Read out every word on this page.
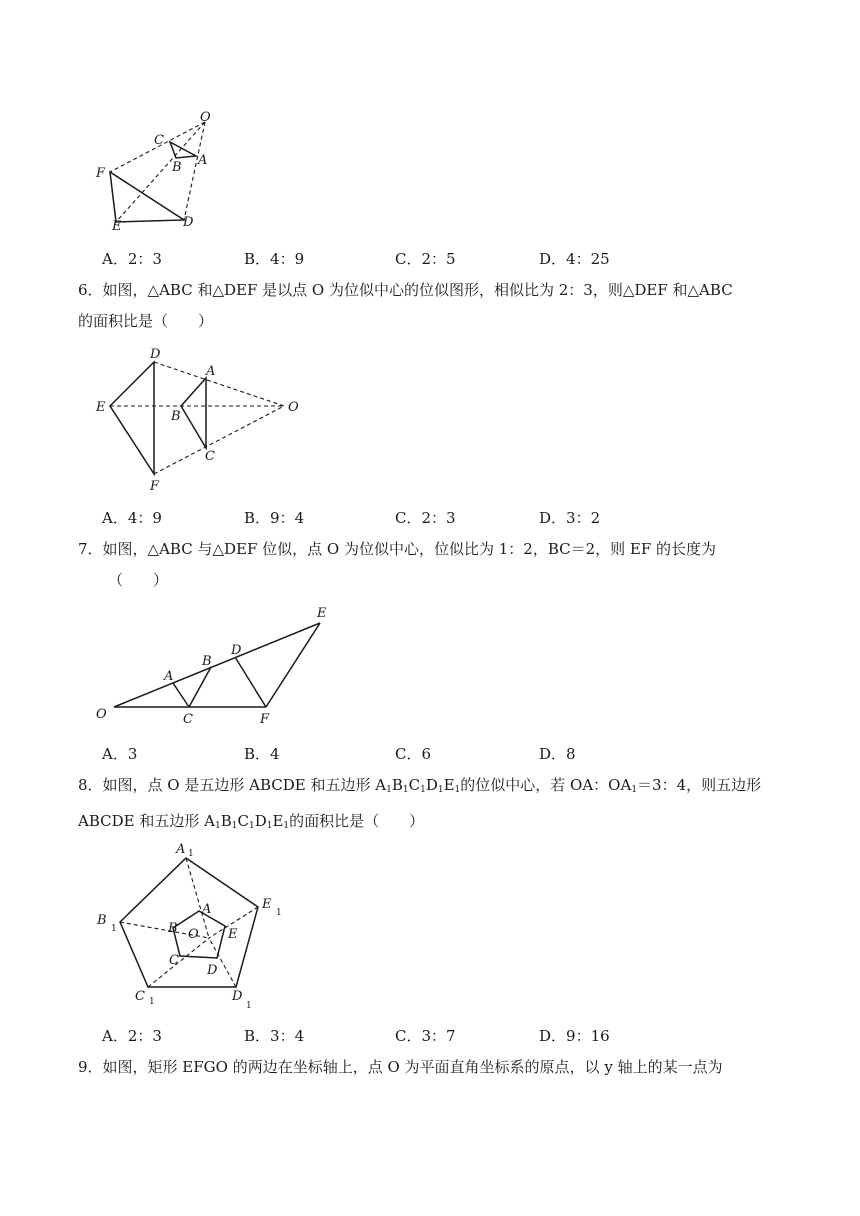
O
C
A
B
F
E	D
A．2：3	B．4：9	C．2：5	D．4：25

6．如图，△ABC 和△DEF 是以点 O 为位似中心的位似图形，相似比为 2：3，则△DEF 和△ABC

的面积比是（　　）

D
A
E
B
O
C
F
A．4：9	B．9：4	C．2：3	D．3：2

7．如图，△ABC 与△DEF 位似，点 O 为位似中心，位似比为 1：2，BC＝2，则 EF 的长度为

（　　）

E
D
B
A
O	C	F
A．3	B．4	C．6	D．8

8．如图，点 O 是五边形 ABCDE 和五边形 $A_1B_1C_1D_1E_1$的位似中心，若 OA：$OA_1=3$：4，则五边形

ABCDE 和五边形 $A_1B_1C_1D_1E_1$的面积比是（　　）

A 1
E
1
B
1
C 1	D
1
A
B O E
C
D
A．2：3	B．3：4	C．3：7	D．9：16

9．如图，矩形 EFGO 的两边在坐标轴上，点 O 为平面直角坐标系的原点，以 y 轴上的某一点为
